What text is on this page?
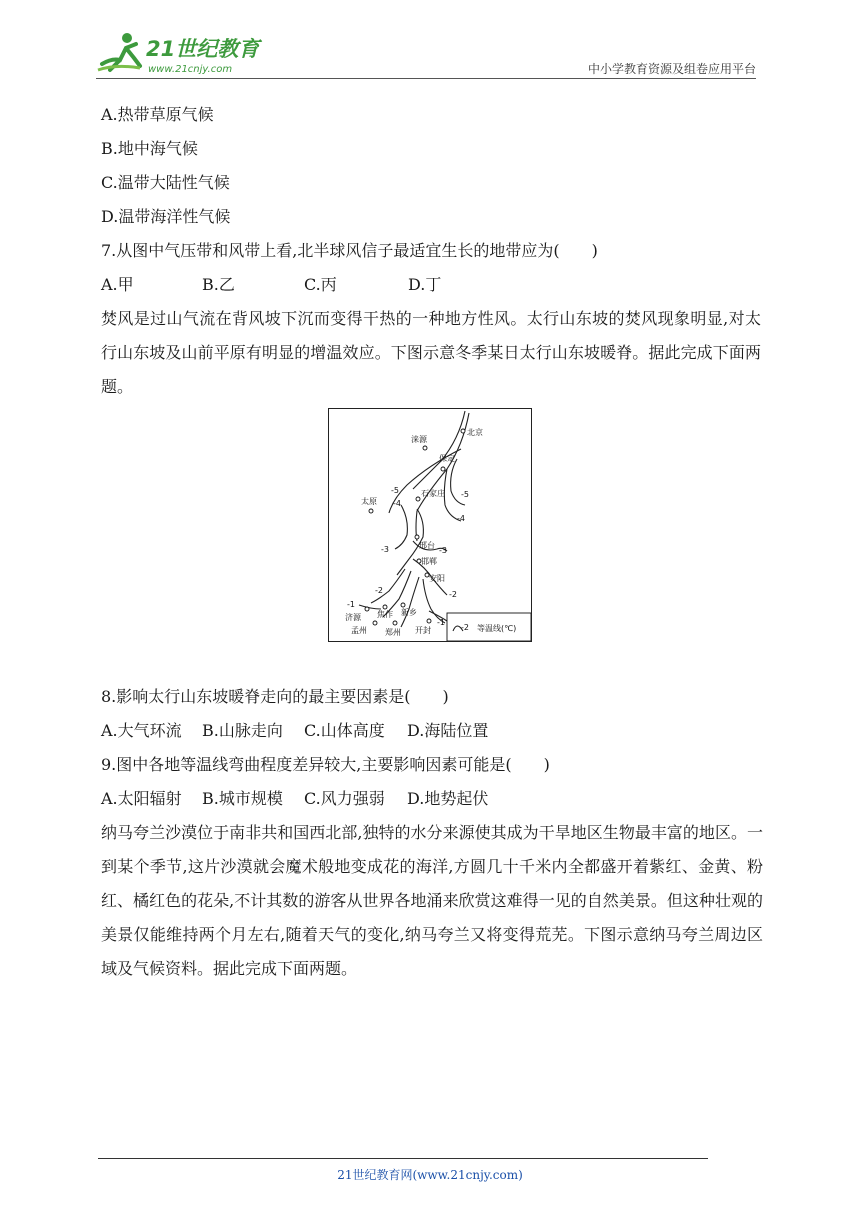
21世纪教育
www.21cnjy.com	中小学教育资源及组卷应用平台
A.热带草原气候
B.地中海气候
C.温带大陆性气候
D.温带海洋性气候
7.从图中气压带和风带上看,北半球风信子最适宜生长的地带应为(　　)
A.甲	B.乙	C.丙	D.丁
焚风是过山气流在背风坡下沉而变得干热的一种地方性风。太行山东坡的焚风现象明显,对太行山东坡及山前平原有明显的增温效应。下图示意冬季某日太行山东坡暖脊。据此完成下面两题。
8.影响太行山东坡暖脊走向的最主要因素是(　　)
A.大气环流 B.山脉走向 C.山体高度 D.海陆位置
9.图中各地等温线弯曲程度差异较大,主要影响因素可能是(　　)
A.太阳辐射 B.城市规模 C.风力强弱 D.地势起伏
纳马夸兰沙漠位于南非共和国西北部,独特的水分来源使其成为干旱地区生物最丰富的地区。一到某个季节,这片沙漠就会魔术般地变成花的海洋,方圆几十千米内全都盛开着紫红、金黄、粉红、橘红色的花朵,不计其数的游客从世界各地涌来欣赏这难得一见的自然美景。但这种壮观的美景仅能维持两个月左右,随着天气的变化,纳马夸兰又将变得荒芜。下图示意纳马夸兰周边区域及气候资料。据此完成下面两题。
北京
涞源
保定
石家庄
太原
邢台
邯郸
安阳
济源 焦作 新乡
孟州 郑州 开封
-5
-4
-5
-4
-3	-3
-2	-2
-1
-1
-2 等温线(℃)
21世纪教育网(www.21cnjy.com)
